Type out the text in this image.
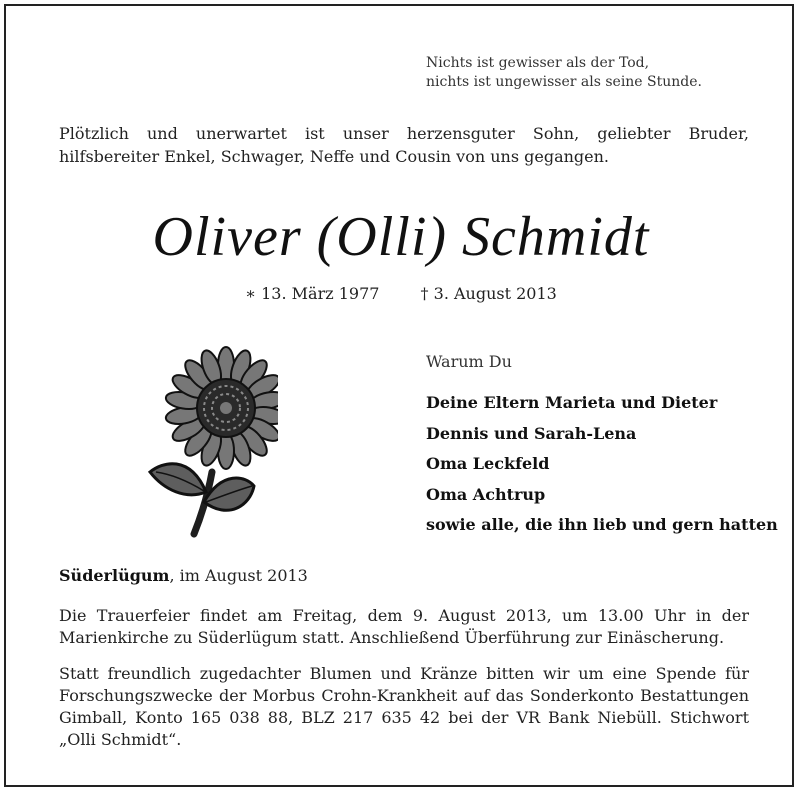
Nichts ist gewisser als der Tod,
nichts ist ungewisser als seine Stunde.
Plötzlich und unerwartet ist unser herzensguter Sohn, geliebter Bruder, hilfsbereiter Enkel, Schwager, Neffe und Cousin von uns gegangen.
Oliver (Olli) Schmidt
∗ 13. März 1977	† 3. August 2013
Warum Du
Deine Eltern Marieta und Dieter
Dennis und Sarah-Lena
Oma Leckfeld
Oma Achtrup
sowie alle, die ihn lieb und gern hatten
Süderlügum, im August 2013
Die Trauerfeier findet am Freitag, dem 9. August 2013, um 13.00 Uhr in der Marienkirche zu Süderlügum statt. Anschließend Überführung zur Einäscherung.
Statt freundlich zugedachter Blumen und Kränze bitten wir um eine Spende für Forschungszwecke der Morbus Crohn-Krankheit auf das Sonderkonto Bestattungen Gimball, Konto 165 038 88, BLZ 217 635 42 bei der VR Bank Niebüll. Stichwort „Olli Schmidt“.
